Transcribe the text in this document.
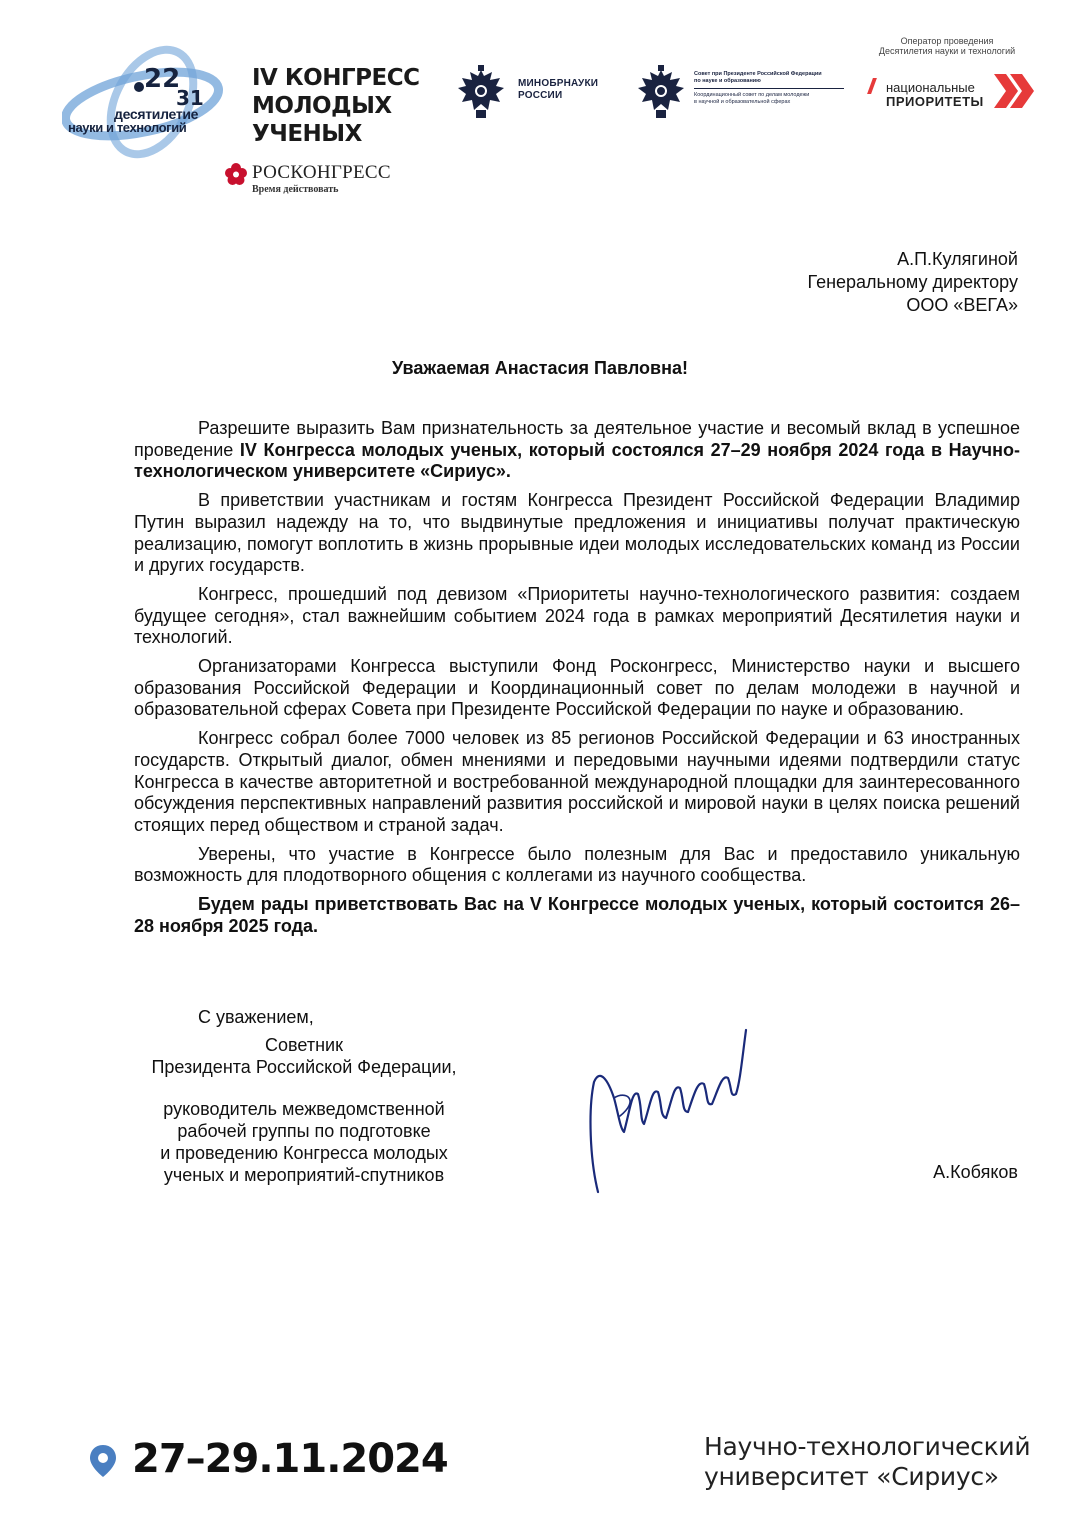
22
31
десятилетие
науки и технологий
IV КОНГРЕСС
МОЛОДЫХ
УЧЕНЫХ
РОСКОНГРЕСС
Время действовать
МИНОБРНАУКИ
РОССИИ
Совет при Президенте Российской Федерации
по науке и образованию
Координационный совет по делам молодежи
в научной и образовательной сферах
Оператор проведения
Десятилетия науки и технологий
национальные
ПРИОРИТЕТЫ
А.П.Кулягиной
Генеральному директору
ООО «ВЕГА»
Уважаемая Анастасия Павловна!

Разрешите выразить Вам признательность за деятельное участие и весомый вклад в успешное проведение IV Конгресса молодых ученых, который состоялся 27–29 ноября 2024 года в Научно-технологическом университете «Сириус».

В приветствии участникам и гостям Конгресса Президент Российской Федерации Владимир Путин выразил надежду на то, что выдвинутые предложения и инициативы получат практическую реализацию, помогут воплотить в жизнь прорывные идеи молодых исследовательских команд из России и других государств.

Конгресс, прошедший под девизом «Приоритеты научно-технологического развития: создаем будущее сегодня», стал важнейшим событием 2024 года в рамках мероприятий Десятилетия науки и технологий.

Организаторами Конгресса выступили Фонд Росконгресс, Министерство науки и высшего образования Российской Федерации и Координационный совет по делам молодежи в научной и образовательной сферах Совета при Президенте Российской Федерации по науке и образованию.

Конгресс собрал более 7000 человек из 85 регионов Российской Федерации и 63 иностранных государств. Открытый диалог, обмен мнениями и передовыми научными идеями подтвердили статус Конгресса в качестве авторитетной и востребованной международной площадки для заинтересованного обсуждения перспективных направлений развития российской и мировой науки в целях поиска решений стоящих перед обществом и страной задач.

Уверены, что участие в Конгрессе было полезным для Вас и предоставило уникальную возможность для плодотворного общения с коллегами из научного сообщества.

Будем рады приветствовать Вас на V Конгрессе молодых ученых, который состоится 26–28 ноября 2025 года.

С уважением,
Советник
Президента Российской Федерации,
руководитель межведомственной
рабочей группы по подготовке
и проведению Конгресса молодых
ученых и мероприятий-спутников	А.Кобяков
27–29.11.2024	Научно-технологический
университет «Сириус»
